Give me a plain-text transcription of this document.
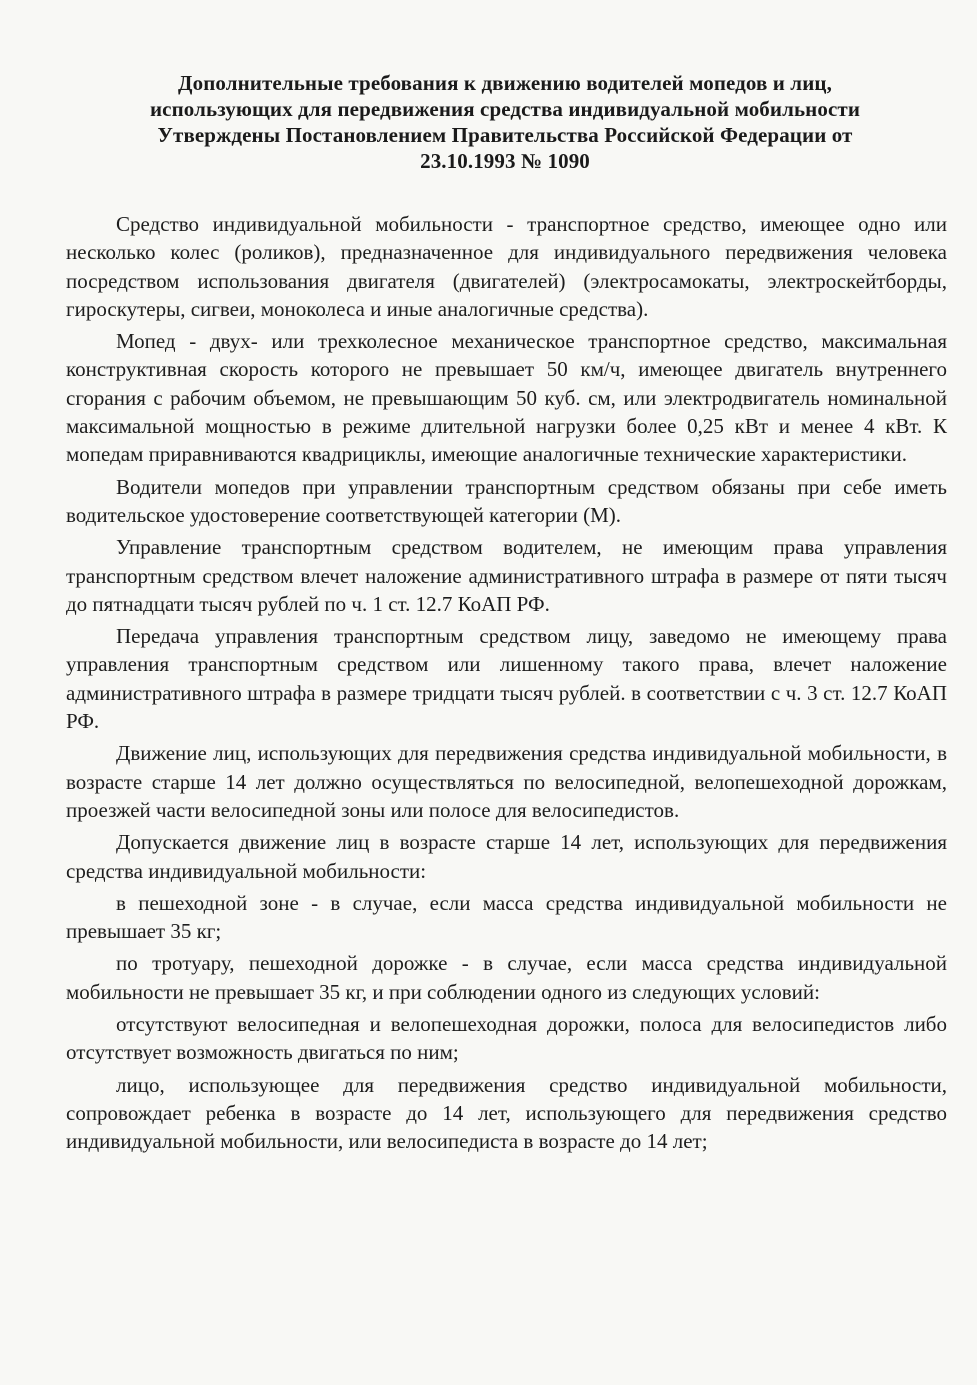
Дополнительные требования к движению водителей мопедов и лиц,
использующих для передвижения средства индивидуальной мобильности
Утверждены Постановлением Правительства Российской Федерации от
23.10.1993 № 1090

Средство индивидуальной мобильности - транспортное средство, имеющее одно или несколько колес (роликов), предназначенное для индивидуального передвижения человека посредством использования двигателя (двигателей) (электросамокаты, электроскейтборды, гироскутеры, сигвеи, моноколеса и иные аналогичные средства).

Мопед - двух- или трехколесное механическое транспортное средство, максимальная конструктивная скорость которого не превышает 50 км/ч, имеющее двигатель внутреннего сгорания с рабочим объемом, не превышающим 50 куб. см, или электродвигатель номинальной максимальной мощностью в режиме длительной нагрузки более 0,25 кВт и менее 4 кВт. К мопедам приравниваются квадрициклы, имеющие аналогичные технические характеристики.

Водители мопедов при управлении транспортным средством обязаны при себе иметь водительское удостоверение соответствующей категории (М).

Управление транспортным средством водителем, не имеющим права управления транспортным средством влечет наложение административного штрафа в размере от пяти тысяч до пятнадцати тысяч рублей по ч. 1 ст. 12.7 КоАП РФ.

Передача управления транспортным средством лицу, заведомо не имеющему права управления транспортным средством или лишенному такого права, влечет наложение административного штрафа в размере тридцати тысяч рублей. в соответствии с ч. 3 ст. 12.7 КоАП РФ.

Движение лиц, использующих для передвижения средства индивидуальной мобильности, в возрасте старше 14 лет должно осуществляться по велосипедной, велопешеходной дорожкам, проезжей части велосипедной зоны или полосе для велосипедистов.

Допускается движение лиц в возрасте старше 14 лет, использующих для передвижения средства индивидуальной мобильности:

в пешеходной зоне - в случае, если масса средства индивидуальной мобильности не превышает 35 кг;

по тротуару, пешеходной дорожке - в случае, если масса средства индивидуальной мобильности не превышает 35 кг, и при соблюдении одного из следующих условий:

отсутствуют велосипедная и велопешеходная дорожки, полоса для велосипедистов либо отсутствует возможность двигаться по ним;

лицо, использующее для передвижения средство индивидуальной мобильности, сопровождает ребенка в возрасте до 14 лет, использующего для передвижения средство индивидуальной мобильности, или велосипедиста в возрасте до 14 лет;
